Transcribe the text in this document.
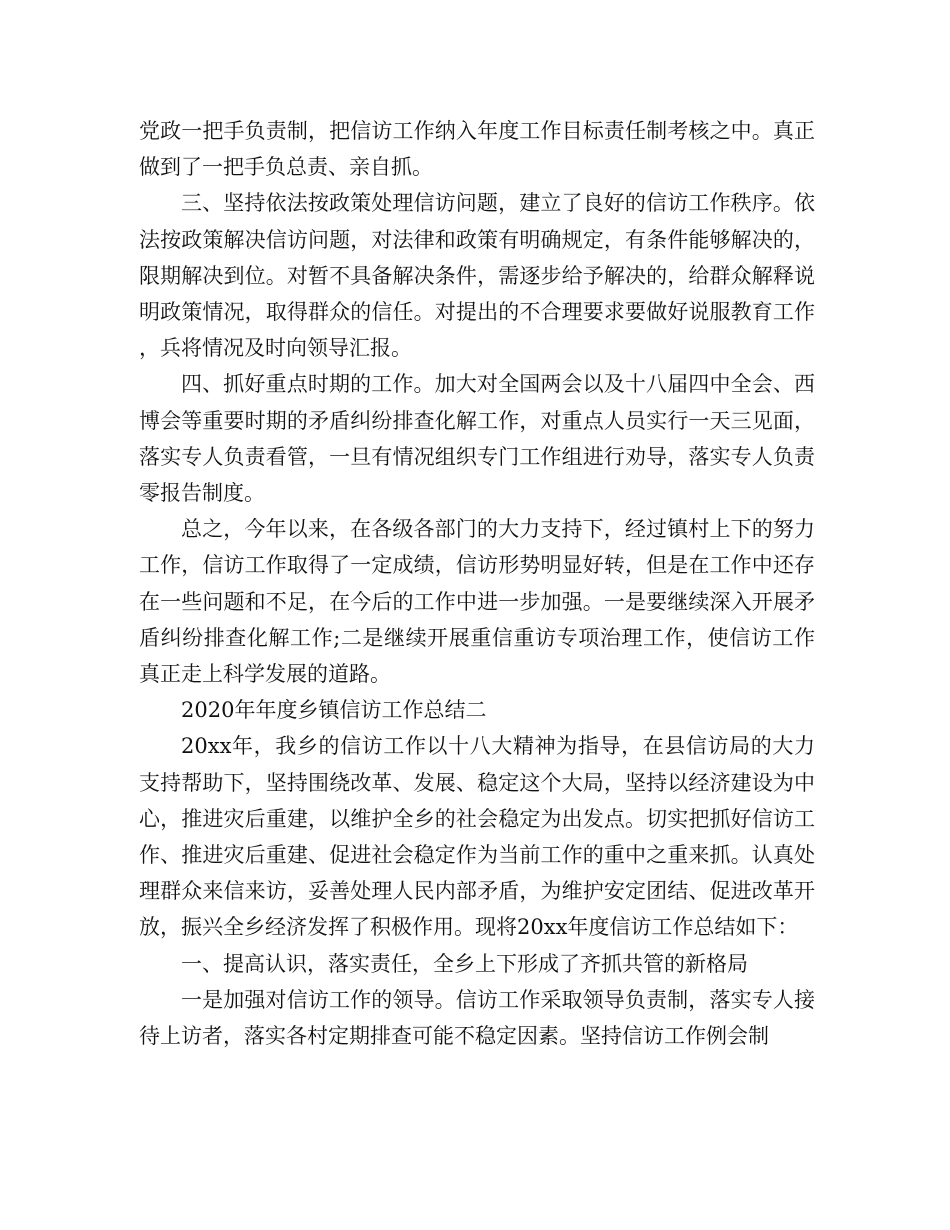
党政一把手负责制，把信访工作纳入年度工作目标责任制考核之中。真正做到了一把手负总责、亲自抓。

三、坚持依法按政策处理信访问题，建立了良好的信访工作秩序。依法按政策解决信访问题，对法律和政策有明确规定，有条件能够解决的，限期解决到位。对暂不具备解决条件，需逐步给予解决的，给群众解释说明政策情况，取得群众的信任。对提出的不合理要求要做好说服教育工作，兵将情况及时向领导汇报。

四、抓好重点时期的工作。加大对全国两会以及十八届四中全会、西博会等重要时期的矛盾纠纷排查化解工作，对重点人员实行一天三见面，落实专人负责看管，一旦有情况组织专门工作组进行劝导，落实专人负责零报告制度。

总之，今年以来，在各级各部门的大力支持下，经过镇村上下的努力工作，信访工作取得了一定成绩，信访形势明显好转，但是在工作中还存在一些问题和不足，在今后的工作中进一步加强。一是要继续深入开展矛盾纠纷排查化解工作;二是继续开展重信重访专项治理工作，使信访工作真正走上科学发展的道路。

2020年年度乡镇信访工作总结二

20xx年，我乡的信访工作以十八大精神为指导，在县信访局的大力支持帮助下，坚持围绕改革、发展、稳定这个大局，坚持以经济建设为中心，推进灾后重建，以维护全乡的社会稳定为出发点。切实把抓好信访工作、推进灾后重建、促进社会稳定作为当前工作的重中之重来抓。认真处理群众来信来访，妥善处理人民内部矛盾，为维护安定团结、促进改革开放，振兴全乡经济发挥了积极作用。现将20xx年度信访工作总结如下：

一、提高认识，落实责任，全乡上下形成了齐抓共管的新格局

一是加强对信访工作的领导。信访工作采取领导负责制，落实专人接待上访者，落实各村定期排查可能不稳定因素。坚持信访工作例会制
